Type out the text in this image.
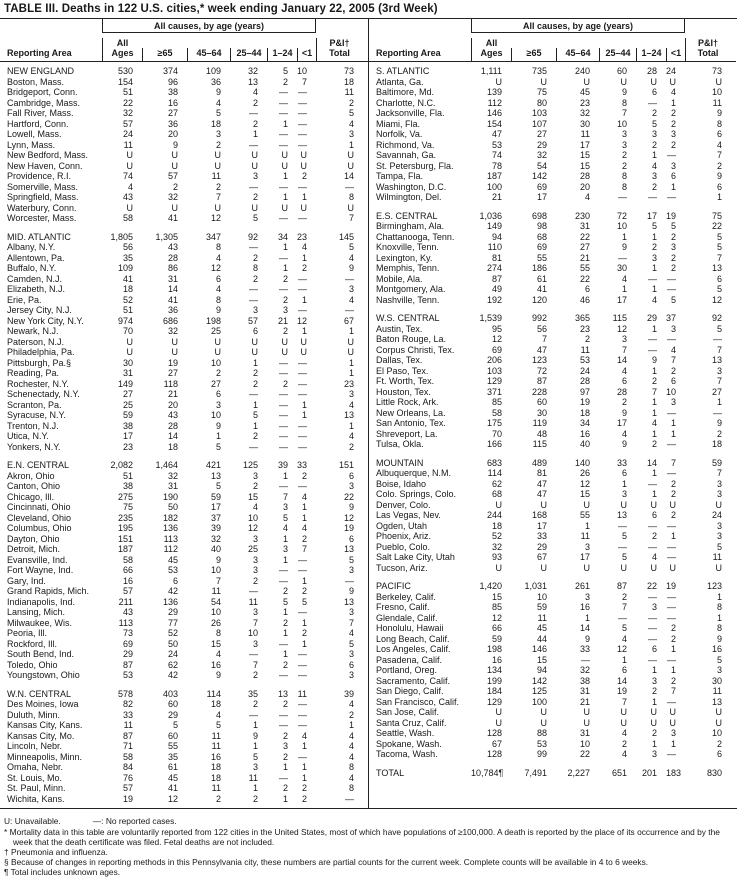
TABLE III. Deaths in 122 U.S. cities,* week ending January 22, 2005 (3rd Week)
Reporting Area
All causes, by age (years)
All
Ages	≥65	45–64	25–44	1–24	<1
P&I†
Total
NEW ENGLAND	530	374	109	32	5	10	73
Boston, Mass.	154	96	36	13	2	7	18
Bridgeport, Conn.	51	38	9	4	—	—	11
Cambridge, Mass.	22	16	4	2	—	—	2
Fall River, Mass.	32	27	5	—	—	—	5
Hartford, Conn.	57	36	18	2	1	—	4
Lowell, Mass.	24	20	3	1	—	—	3
Lynn, Mass.	11	9	2	—	—	—	1
New Bedford, Mass.	U	U	U	U	U	U	U
New Haven, Conn.	U	U	U	U	U	U	U
Providence, R.I.	74	57	11	3	1	2	14
Somerville, Mass.	4	2	2	—	—	—	—
Springfield, Mass.	43	32	7	2	1	1	8
Waterbury, Conn.	U	U	U	U	U	U	U
Worcester, Mass.	58	41	12	5	—	—	7
MID. ATLANTIC	1,805	1,305	347	92	34	23	145
Albany, N.Y.	56	43	8	—	1	4	5
Allentown, Pa.	35	28	4	2	—	1	4
Buffalo, N.Y.	109	86	12	8	1	2	9
Camden, N.J.	41	31	6	2	2	—	—
Elizabeth, N.J.	18	14	4	—	—	—	3
Erie, Pa.	52	41	8	—	2	1	4
Jersey City, N.J.	51	36	9	3	3	—	—
New York City, N.Y.	974	686	198	57	21	12	67
Newark, N.J.	70	32	25	6	2	1	1
Paterson, N.J.	U	U	U	U	U	U	U
Philadelphia, Pa.	U	U	U	U	U	U	U
Pittsburgh, Pa.§	30	19	10	1	—	—	1
Reading, Pa.	31	27	2	2	—	—	1
Rochester, N.Y.	149	118	27	2	2	—	23
Schenectady, N.Y.	27	21	6	—	—	—	3
Scranton, Pa.	25	20	3	1	—	1	4
Syracuse, N.Y.	59	43	10	5	—	1	13
Trenton, N.J.	38	28	9	1	—	—	1
Utica, N.Y.	17	14	1	2	—	—	4
Yonkers, N.Y.	23	18	5	—	—	—	2
E.N. CENTRAL	2,082	1,464	421	125	39	33	151
Akron, Ohio	51	32	13	3	1	2	6
Canton, Ohio	38	31	5	2	—	—	3
Chicago, Ill.	275	190	59	15	7	4	22
Cincinnati, Ohio	75	50	17	4	3	1	9
Cleveland, Ohio	235	182	37	10	5	1	12
Columbus, Ohio	195	136	39	12	4	4	19
Dayton, Ohio	151	113	32	3	1	2	6
Detroit, Mich.	187	112	40	25	3	7	13
Evansville, Ind.	58	45	9	3	1	—	5
Fort Wayne, Ind.	66	53	10	3	—	—	3
Gary, Ind.	16	6	7	2	—	1	—
Grand Rapids, Mich.	57	42	11	—	2	2	9
Indianapolis, Ind.	211	136	54	11	5	5	13
Lansing, Mich.	43	29	10	3	1	—	3
Milwaukee, Wis.	113	77	26	7	2	1	7
Peoria, Ill.	73	52	8	10	1	2	4
Rockford, Ill.	69	50	15	3	—	1	5
South Bend, Ind.	29	24	4	—	1	—	3
Toledo, Ohio	87	62	16	7	2	—	6
Youngstown, Ohio	53	42	9	2	—	—	3
W.N. CENTRAL	578	403	114	35	13	11	39
Des Moines, Iowa	82	60	18	2	2	—	4
Duluth, Minn.	33	29	4	—	—	—	2
Kansas City, Kans.	11	5	5	1	—	—	1
Kansas City, Mo.	87	60	11	9	2	4	4
Lincoln, Nebr.	71	55	11	1	3	1	4
Minneapolis, Minn.	58	35	16	5	2	—	4
Omaha, Nebr.	84	61	18	3	1	1	8
St. Louis, Mo.	76	45	18	11	—	1	4
St. Paul, Minn.	57	41	11	1	2	2	8
Wichita, Kans.	19	12	2	2	1	2	—
Reporting Area
All causes, by age (years)
All
Ages	≥65	45–64	25–44	1–24	<1
P&I†
Total
S. ATLANTIC	1,111	735	240	60	28	24	73
Atlanta, Ga.	U	U	U	U	U	U	U
Baltimore, Md.	139	75	45	9	6	4	10
Charlotte, N.C.	112	80	23	8	—	1	11
Jacksonville, Fla.	146	103	32	7	2	2	9
Miami, Fla.	154	107	30	10	5	2	8
Norfolk, Va.	47	27	11	3	3	3	6
Richmond, Va.	53	29	17	3	2	2	4
Savannah, Ga.	74	32	15	2	1	—	7
St. Petersburg, Fla.	78	54	15	2	4	3	2
Tampa, Fla.	187	142	28	8	3	6	9
Washington, D.C.	100	69	20	8	2	1	6
Wilmington, Del.	21	17	4	—	—	—	1
E.S. CENTRAL	1,036	698	230	72	17	19	75
Birmingham, Ala.	149	98	31	10	5	5	22
Chattanooga, Tenn.	94	68	22	1	1	2	5
Knoxville, Tenn.	110	69	27	9	2	3	5
Lexington, Ky.	81	55	21	—	3	2	7
Memphis, Tenn.	274	186	55	30	1	2	13
Mobile, Ala.	87	61	22	4	—	—	6
Montgomery, Ala.	49	41	6	1	1	—	5
Nashville, Tenn.	192	120	46	17	4	5	12
W.S. CENTRAL	1,539	992	365	115	29	37	92
Austin, Tex.	95	56	23	12	1	3	5
Baton Rouge, La.	12	7	2	3	—	—	—
Corpus Christi, Tex.	69	47	11	7	—	4	7
Dallas, Tex.	206	123	53	14	9	7	13
El Paso, Tex.	103	72	24	4	1	2	3
Ft. Worth, Tex.	129	87	28	6	2	6	7
Houston, Tex.	371	228	97	28	7	10	27
Little Rock, Ark.	85	60	19	2	1	3	1
New Orleans, La.	58	30	18	9	1	—	—
San Antonio, Tex.	175	119	34	17	4	1	9
Shreveport, La.	70	48	16	4	1	1	2
Tulsa, Okla.	166	115	40	9	2	—	18
MOUNTAIN	683	489	140	33	14	7	59
Albuquerque, N.M.	114	81	26	6	1	—	7
Boise, Idaho	62	47	12	1	—	2	3
Colo. Springs, Colo.	68	47	15	3	1	2	3
Denver, Colo.	U	U	U	U	U	U	U
Las Vegas, Nev.	244	168	55	13	6	2	24
Ogden, Utah	18	17	1	—	—	—	3
Phoenix, Ariz.	52	33	11	5	2	1	3
Pueblo, Colo.	32	29	3	—	—	—	5
Salt Lake City, Utah	93	67	17	5	4	—	11
Tucson, Ariz.	U	U	U	U	U	U	U
PACIFIC	1,420	1,031	261	87	22	19	123
Berkeley, Calif.	15	10	3	2	—	—	1
Fresno, Calif.	85	59	16	7	3	—	8
Glendale, Calif.	12	11	1	—	—	—	1
Honolulu, Hawaii	66	45	14	5	—	2	8
Long Beach, Calif.	59	44	9	4	—	2	9
Los Angeles, Calif.	198	146	33	12	6	1	16
Pasadena, Calif.	16	15	—	1	—	—	5
Portland, Oreg.	134	94	32	6	1	1	3
Sacramento, Calif.	199	142	38	14	3	2	30
San Diego, Calif.	184	125	31	19	2	7	11
San Francisco, Calif.	129	100	21	7	1	—	13
San Jose, Calif.	U	U	U	U	U	U	U
Santa Cruz, Calif.	U	U	U	U	U	U	U
Seattle, Wash.	128	88	31	4	2	3	10
Spokane, Wash.	67	53	10	2	1	1	2
Tacoma, Wash.	128	99	22	4	3	—	6
TOTAL	10,784¶	7,491	2,227	651	201	183	830
U: Unavailable.	—: No reported cases.
* Mortality data in this table are voluntarily reported from 122 cities in the United States, most of which have populations of ≥100,000. A death is reported by the place of its occurrence and by the week that the death certificate was filed. Fetal deaths are not included.
† Pneumonia and influenza.
§ Because of changes in reporting methods in this Pennsylvania city, these numbers are partial counts for the current week. Complete counts will be available in 4 to 6 weeks.
¶ Total includes unknown ages.
